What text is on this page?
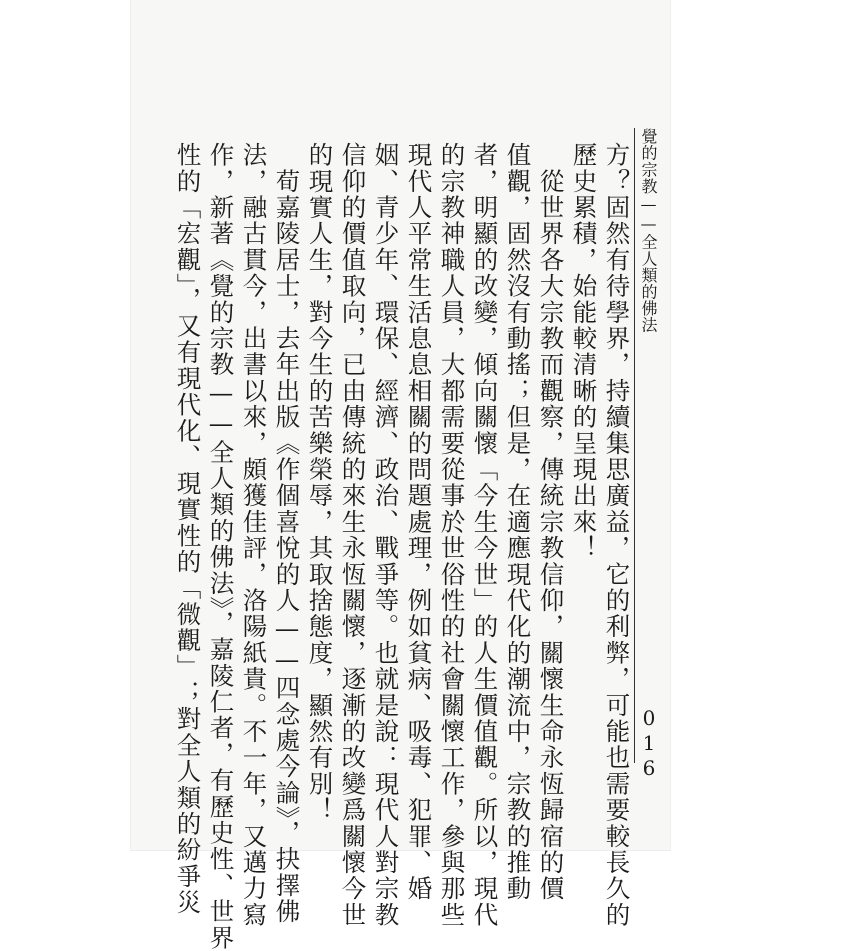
覺的宗教——全人類的佛法
016
方？固然有待學界，持續集思廣益，它的利弊，可能也需要較長久的
歷史累積，始能較清晰的呈現出來！
　從世界各大宗教而觀察，傳統宗教信仰，關懷生命永恆歸宿的價
值觀，固然沒有動搖；但是，在適應現代化的潮流中，宗教的推動
者，明顯的改變，傾向關懷「今生今世」的人生價值觀。所以，現代
的宗教神職人員，大都需要從事於世俗性的社會關懷工作，參與那些
現代人平常生活息息相關的問題處理，例如貧病、吸毒、犯罪、婚
姻、青少年、環保、經濟、政治、戰爭等。也就是說：現代人對宗教
信仰的價值取向，已由傳統的來生永恆關懷，逐漸的改變爲關懷今世
的現實人生，對今生的苦樂榮辱，其取捨態度，顯然有別！
　荀嘉陵居士，去年出版《作個喜悅的人——四念處今論》，抉擇佛
法，融古貫今，出書以來，頗獲佳評，洛陽紙貴。不一年，又邁力寫
作，新著《覺的宗教——全人類的佛法》，嘉陵仁者，有歷史性、世界
性的「宏觀」，又有現代化、現實性的「微觀」；對全人類的紛爭災
